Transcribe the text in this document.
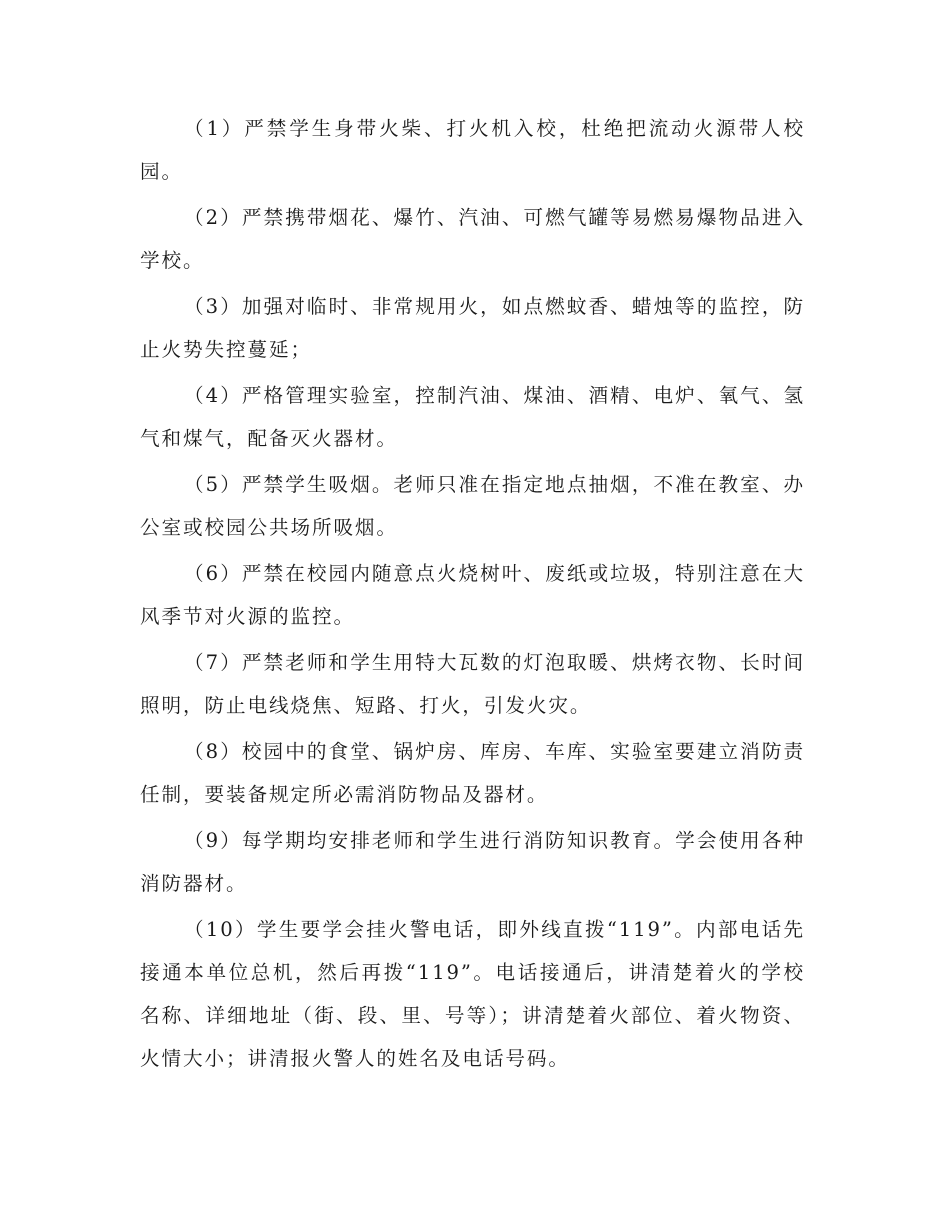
（1）严禁学生身带火柴、打火机入校，杜绝把流动火源带人校园。

（2）严禁携带烟花、爆竹、汽油、可燃气罐等易燃易爆物品进入学校。

（3）加强对临时、非常规用火，如点燃蚊香、蜡烛等的监控，防止火势失控蔓延；

（4）严格管理实验室，控制汽油、煤油、酒精、电炉、氧气、氢气和煤气，配备灭火器材。

（5）严禁学生吸烟。老师只准在指定地点抽烟，不准在教室、办公室或校园公共场所吸烟。

（6）严禁在校园内随意点火烧树叶、废纸或垃圾，特别注意在大风季节对火源的监控。

（7）严禁老师和学生用特大瓦数的灯泡取暖、烘烤衣物、长时间照明，防止电线烧焦、短路、打火，引发火灾。

（8）校园中的食堂、锅炉房、库房、车库、实验室要建立消防责任制，要装备规定所必需消防物品及器材。

（9）每学期均安排老师和学生进行消防知识教育。学会使用各种消防器材。

（10）学生要学会挂火警电话，即外线直拨“119”。内部电话先接通本单位总机，然后再拨“119”。电话接通后，讲清楚着火的学校名称、详细地址（街、段、里、号等）；讲清楚着火部位、着火物资、火情大小；讲清报火警人的姓名及电话号码。
